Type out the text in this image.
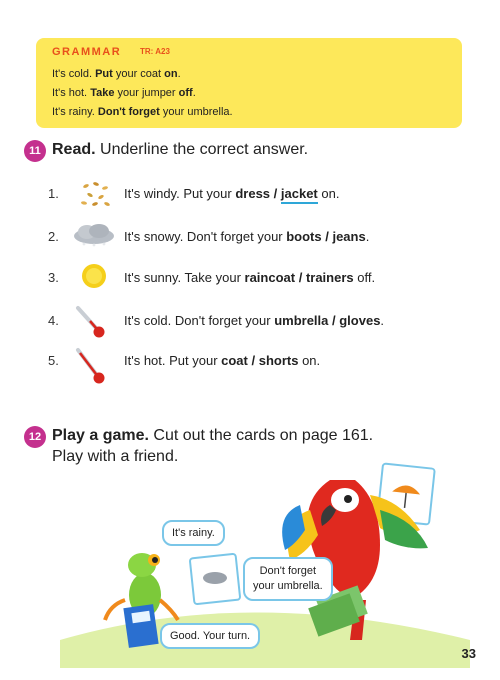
GRAMMAR TR: A23
It's cold. Put your coat on.
It's hot. Take your jumper off.
It's rainy. Don't forget your umbrella.
11 Read. Underline the correct answer.
1.	It's windy. Put your dress / jacket on.
2.	It's snowy. Don't forget your boots / jeans.
3.	It's sunny. Take your raincoat / trainers off.
4.	It's cold. Don't forget your umbrella / gloves.
5.	It's hot. Put your coat / shorts on.
12 Play a game. Cut out the cards on page 161.
Play with a friend.
It's rainy.
Don't forget
your umbrella.
Good. Your turn.
33
